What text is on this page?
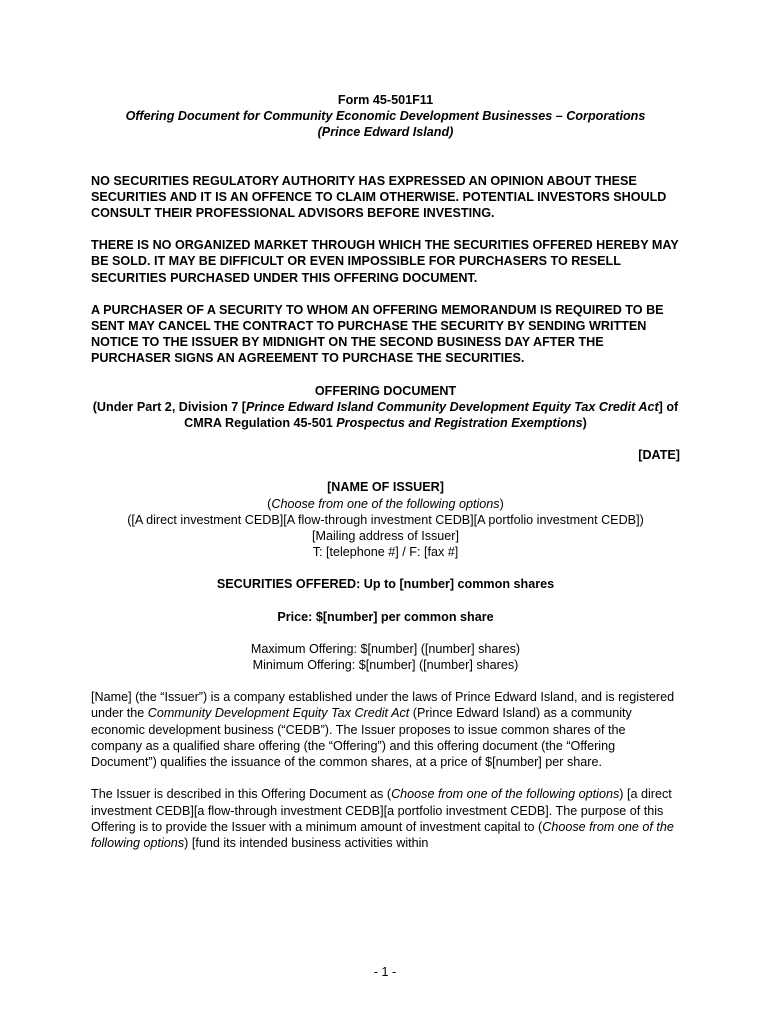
Form 45-501F11
Offering Document for Community Economic Development Businesses – Corporations
(Prince Edward Island)

NO SECURITIES REGULATORY AUTHORITY HAS EXPRESSED AN OPINION ABOUT THESE SECURITIES AND IT IS AN OFFENCE TO CLAIM OTHERWISE. POTENTIAL INVESTORS SHOULD CONSULT THEIR PROFESSIONAL ADVISORS BEFORE INVESTING.

THERE IS NO ORGANIZED MARKET THROUGH WHICH THE SECURITIES OFFERED HEREBY MAY BE SOLD. IT MAY BE DIFFICULT OR EVEN IMPOSSIBLE FOR PURCHASERS TO RESELL SECURITIES PURCHASED UNDER THIS OFFERING DOCUMENT.

A PURCHASER OF A SECURITY TO WHOM AN OFFERING MEMORANDUM IS REQUIRED TO BE SENT MAY CANCEL THE CONTRACT TO PURCHASE THE SECURITY BY SENDING WRITTEN NOTICE TO THE ISSUER BY MIDNIGHT ON THE SECOND BUSINESS DAY AFTER THE PURCHASER SIGNS AN AGREEMENT TO PURCHASE THE SECURITIES.

OFFERING DOCUMENT
(Under Part 2, Division 7 [Prince Edward Island Community Development Equity Tax Credit Act] of CMRA Regulation 45-501 Prospectus and Registration Exemptions)
[DATE]
[NAME OF ISSUER]
(Choose from one of the following options)
([A direct investment CEDB][A flow-through investment CEDB][A portfolio investment CEDB])
[Mailing address of Issuer]
T: [telephone #] / F: [fax #]
SECURITIES OFFERED: Up to [number] common shares
Price: $[number] per common share
Maximum Offering: $[number] ([number] shares)
Minimum Offering: $[number] ([number] shares)

[Name] (the “Issuer”) is a company established under the laws of Prince Edward Island, and is registered under the Community Development Equity Tax Credit Act (Prince Edward Island) as a community economic development business (“CEDB”). The Issuer proposes to issue common shares of the company as a qualified share offering (the “Offering”) and this offering document (the “Offering Document”) qualifies the issuance of the common shares, at a price of $[number] per share.

The Issuer is described in this Offering Document as (Choose from one of the following options) [a direct investment CEDB][a flow-through investment CEDB][a portfolio investment CEDB]. The purpose of this Offering is to provide the Issuer with a minimum amount of investment capital to (Choose from one of the following options) [fund its intended business activities within

- 1 -
